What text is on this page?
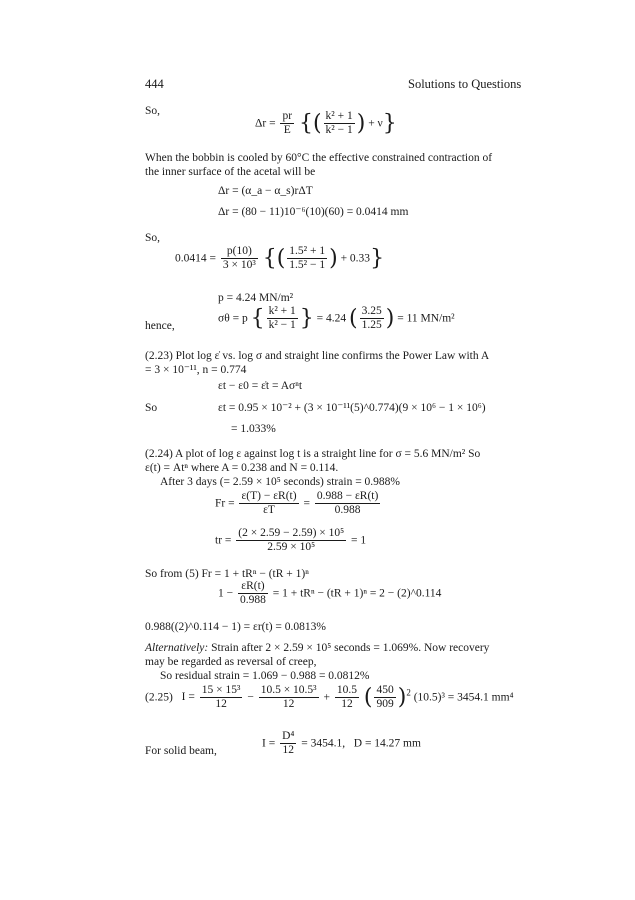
444	Solutions to Questions
So,
$\Delta r = \frac{pr}{E}$ {( $\frac{\text{k² + 1}}{\text{k² − 1}}$ ) + ν}
When the bobbin is cooled by 60°C the effective constrained contraction of the inner surface of the acetal will be
Δr = (α_a − α_s)rΔT
Δr = (80 − 11)10⁻⁶(10)(60) = 0.0414 mm
So,
$0.0414 = \frac{p(10)}{\text{3 × 10³}}$ {( $\frac{\text{1.5² + 1}}{\text{1.5² − 1}}$ ) + 0.33}
p = 4.24 MN/m²
hence,
σθ = p { $\frac{\text{k² + 1}}{\text{k² − 1}}$ } = 4.24 ( $\frac{3.25}{1.25}$ ) = 11 MN/m²
(2.23) Plot log ε̇ vs. log σ and straight line confirms the Power Law with A = 3 × 10⁻¹¹, n = 0.774
εt − ε0 = ε̇t = Aσⁿt
So	εt = 0.95 × 10⁻² + (3 × 10⁻¹¹(5)^0.774)(9 × 10⁶ − 1 × 10⁶)
= 1.033%
(2.24) A plot of log ε against log t is a straight line for σ = 5.6 MN/m² So ε(t) = Atⁿ where A = 0.238 and N = 0.114.
After 3 days (= 2.59 × 10⁵ seconds) strain = 0.988%
$Fr = \frac{\varepsilon(T) - \varepsilon R(t)}{\varepsilon T} = \frac{0.988 - \varepsilon R(t)}{0.988}$
tr = $\frac{\text{(2 × 2.59 − 2.59) × 10⁵}}{\text{2.59 × 10⁵}} = 1$
So from (5) Fr = 1 + tRⁿ − (tR + 1)ⁿ
$1 - \frac{\varepsilon R(t)}{0.988} = 1 + tR^n - (tR + 1)^n = 2$ − (2)^0.114
0.988((2)^0.114 − 1) = εr(t) = 0.0813%
Alternatively: Strain after 2 × 2.59 × 10⁵ seconds = 1.069%. Now recovery may be regarded as reversal of creep,
So residual strain = 1.069 − 0.988 = 0.0812%
(2.25) $I = \frac{\text{15 × 15³}}{12} - \frac{\text{10.5 × 10.5³}}{12} + \frac{10.5}{12}$ ( $\frac{450}{909} )^2$ (10.5)³ = 3454.1 mm⁴
For solid beam,
$I = \frac{\text{D⁴}}{12} = 3454.1$,   D = 14.27 mm
